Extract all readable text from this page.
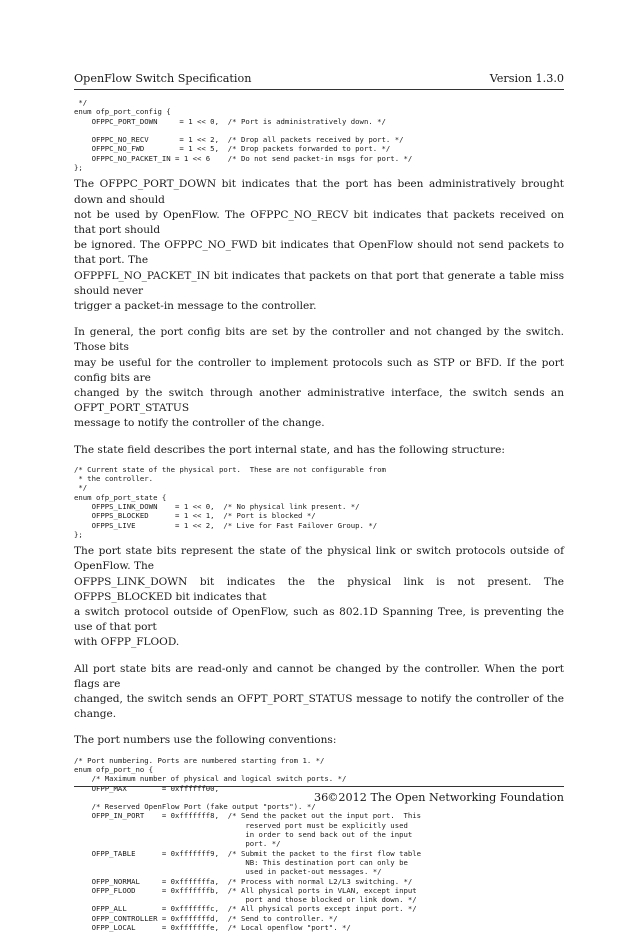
OpenFlow Switch Specification	Version 1.3.0
*/
enum ofp_port_config {
OFPPC_PORT_DOWN     = 1 << 0,  /* Port is administratively down. */

OFPPC_NO_RECV       = 1 << 2,  /* Drop all packets received by port. */
OFPPC_NO_FWD        = 1 << 5,  /* Drop packets forwarded to port. */
OFPPC_NO_PACKET_IN = 1 << 6    /* Do not send packet-in msgs for port. */
};

The OFPPC_PORT_DOWN bit indicates that the port has been administratively brought down and should
not be used by OpenFlow. The OFPPC_NO_RECV bit indicates that packets received on that port should
be ignored. The OFPPC_NO_FWD bit indicates that OpenFlow should not send packets to that port. The
OFPPFL_NO_PACKET_IN bit indicates that packets on that port that generate a table miss should never
trigger a packet-in message to the controller.

In general, the port config bits are set by the controller and not changed by the switch. Those bits
may be useful for the controller to implement protocols such as STP or BFD. If the port config bits are
changed by the switch through another administrative interface, the switch sends an OFPT_PORT_STATUS
message to notify the controller of the change.

The state field describes the port internal state, and has the following structure:

/* Current state of the physical port.  These are not configurable from
* the controller.
*/
enum ofp_port_state {
OFPPS_LINK_DOWN    = 1 << 0,  /* No physical link present. */
OFPPS_BLOCKED      = 1 << 1,  /* Port is blocked */
OFPPS_LIVE         = 1 << 2,  /* Live for Fast Failover Group. */
};

The port state bits represent the state of the physical link or switch protocols outside of OpenFlow. The
OFPPS_LINK_DOWN bit indicates the the physical link is not present. The OFPPS_BLOCKED bit indicates that
a switch protocol outside of OpenFlow, such as 802.1D Spanning Tree, is preventing the use of that port
with OFPP_FLOOD.

All port state bits are read-only and cannot be changed by the controller. When the port flags are
changed, the switch sends an OFPT_PORT_STATUS message to notify the controller of the change.

The port numbers use the following conventions:

/* Port numbering. Ports are numbered starting from 1. */
enum ofp_port_no {
/* Maximum number of physical and logical switch ports. */
OFPP_MAX        = 0xffffff00,

/* Reserved OpenFlow Port (fake output "ports"). */
OFPP_IN_PORT    = 0xfffffff8,  /* Send the packet out the input port.  This
reserved port must be explicitly used
in order to send back out of the input
port. */
OFPP_TABLE      = 0xfffffff9,  /* Submit the packet to the first flow table
NB: This destination port can only be
used in packet-out messages. */
OFPP_NORMAL     = 0xfffffffa,  /* Process with normal L2/L3 switching. */
OFPP_FLOOD      = 0xfffffffb,  /* All physical ports in VLAN, except input
port and those blocked or link down. */
OFPP_ALL        = 0xfffffffc,  /* All physical ports except input port. */
OFPP_CONTROLLER = 0xfffffffd,  /* Send to controller. */
OFPP_LOCAL      = 0xfffffffe,  /* Local openflow "port". */
36
©2012 The Open Networking Foundation
